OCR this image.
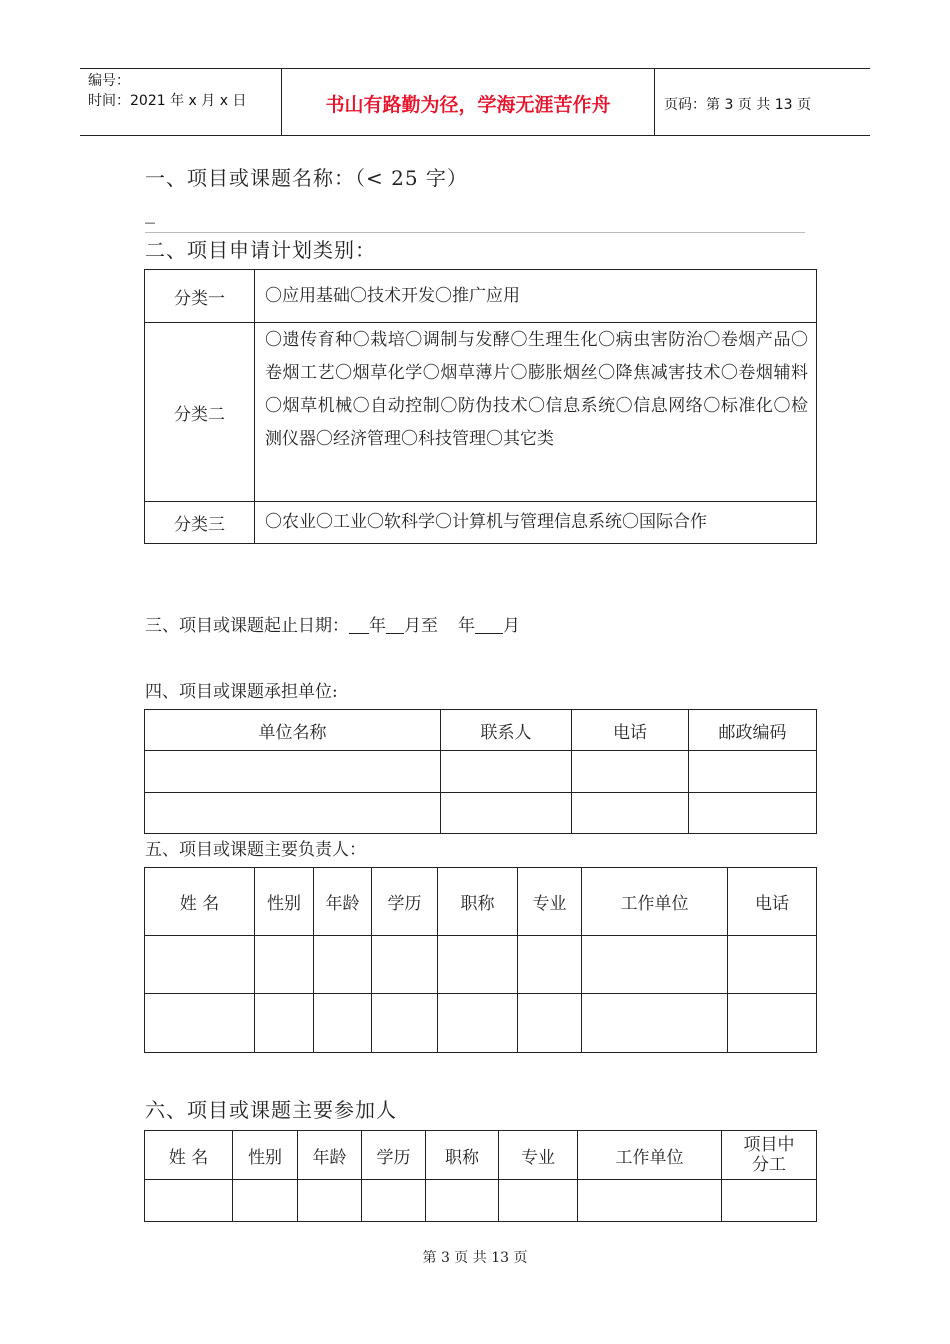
编号：
时间：2021 年 x 月 x 日	书山有路勤为径，学海无涯苦作舟	页码：第 3 页 共 13 页
一、项目或课题名称：（< 25 字）
_
二、项目申请计划类别：
分类一	〇应用基础〇技术开发〇推广应用
分类二	〇遗传育种〇栽培〇调制与发酵〇生理生化〇病虫害防治〇卷烟产品〇卷烟工艺〇烟草化学〇烟草薄片〇膨胀烟丝〇降焦减害技术〇卷烟辅料〇烟草机械〇自动控制〇防伪技术〇信息系统〇信息网络〇标准化〇检测仪器〇经济管理〇科技管理〇其它类
分类三	〇农业〇工业〇软科学〇计算机与管理信息系统〇国际合作
三、项目或课题起止日期： 年 月至 年 月
四、项目或课题承担单位:
单位名称	联系人	电话	邮政编码

五、项目或课题主要负责人：
姓 名	性别	年龄	学历	职称	专业	工作单位	电话

六、项目或课题主要参加人
姓 名	性别	年龄	学历	职称	专业	工作单位	项目中分工

第 3 页 共 13 页
